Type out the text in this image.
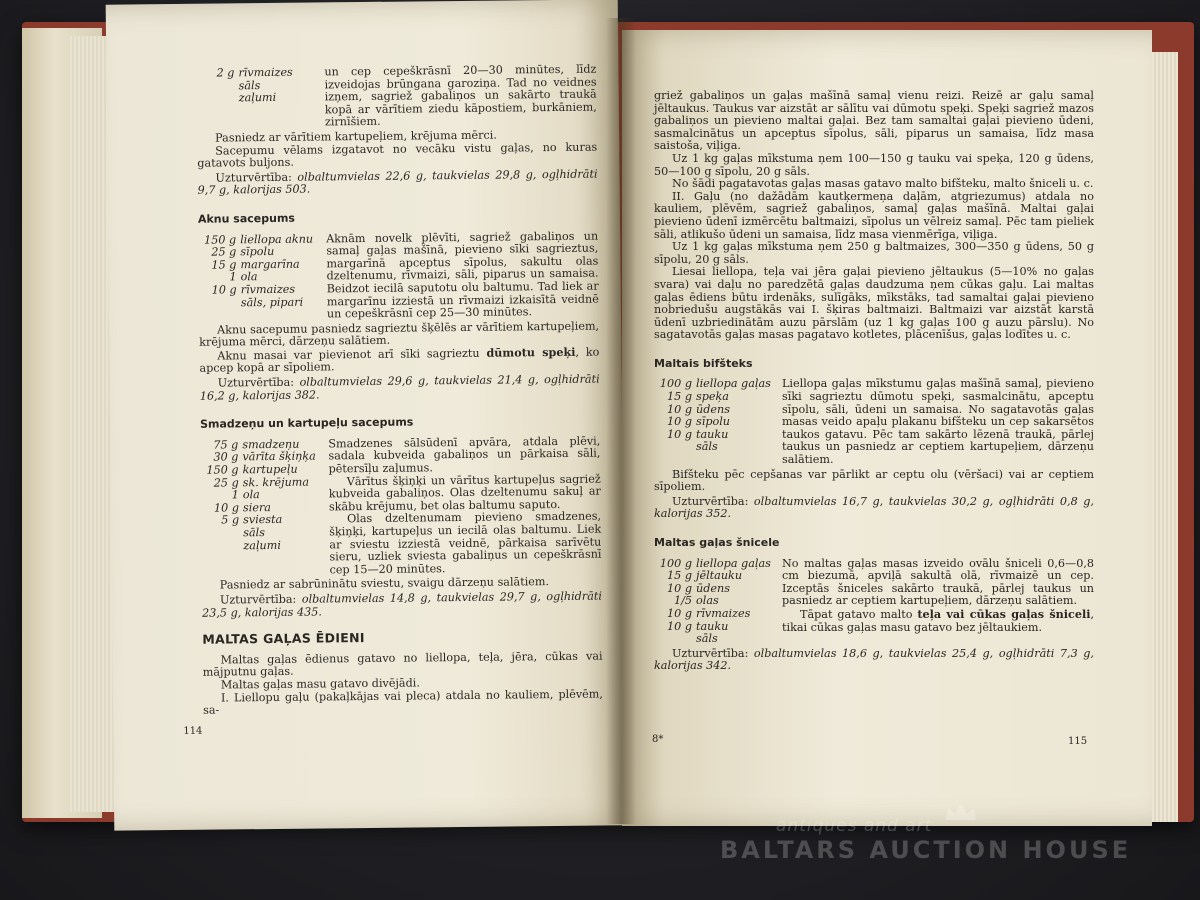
2 g rīvmaizes
sāls
zaļumi

un cep cepeškrāsnī 20—30 minūtes, līdz izveidojas brūngana garoziņa. Tad no veidnes izņem, sagriež gabaliņos un sakārto traukā kopā ar vārītiem ziedu kāpostiem, burkāniem, zirnīšiem.

Pasniedz ar vārītiem kartupeļiem, krējuma mērci.

Sacepumu vēlams izgatavot no vecāku vistu gaļas, no kuras gatavots buljons.

Uzturvērtība: olbaltumvielas 22,6 g, taukvielas 29,8 g, ogļhidrāti 9,7 g, kalorijas 503.

Aknu sacepums
150 g liellopa aknu
25 g sīpolu
15 g margarīna
1 ola
10 g rīvmaizes
sāls, pipari

Aknām novelk plēvīti, sagriež gabaliņos un samaļ gaļas mašīnā, pievieno sīki sagrieztus, margarīnā apceptus sīpolus, sakultu olas dzeltenumu, rīvmaizi, sāli, piparus un samaisa. Beidzot iecilā saputotu olu baltumu. Tad liek ar margarīnu izziestā un rīvmaizi izkaisītā veidnē un cepeškrāsnī cep 25—30 minūtes.

Aknu sacepumu pasniedz sagrieztu šķēlēs ar vārītiem kartupeļiem, krējuma mērci, dārzeņu salātiem.

Aknu masai var pievienot arī sīki sagrieztu dūmotu speķi, ko apcep kopā ar sīpoliem.

Uzturvērtība: olbaltumvielas 29,6 g, taukvielas 21,4 g, ogļhidrāti 16,2 g, kalorijas 382.

Smadzeņu un kartupeļu sacepums
75 g smadzeņu
30 g vārīta šķiņķa
150 g kartupeļu
25 g sk. krējuma
1 ola
10 g siera
5 g sviesta
sāls
zaļumi

Smadzenes sālsūdenī apvāra, atdala plēvi, sadala kubveida gabaliņos un pārkaisa sāli, pētersīļu zaļumus.

Vārītus šķiņķi un vārītus kartupeļus sagriež kubveida gabaliņos. Olas dzeltenumu sakuļ ar skābu krējumu, bet olas baltumu saputo.

Olas dzeltenumam pievieno smadzenes, šķiņķi, kartupeļus un iecilā olas baltumu. Liek ar sviestu izziestā veidnē, pārkaisa sarīvētu sieru, uzliek sviesta gabaliņus un cepeškrāsnī cep 15—20 minūtes.

Pasniedz ar sabrūninātu sviestu, svaigu dārzeņu salātiem.

Uzturvērtība: olbaltumvielas 14,8 g, taukvielas 29,7 g, ogļhidrāti 23,5 g, kalorijas 435.

MALTAS GAĻAS ĒDIENI

Maltas gaļas ēdienus gatavo no liellopa, teļa, jēra, cūkas vai mājputnu gaļas.

Maltas gaļas masu gatavo divējādi.

I. Liellopu gaļu (pakaļkājas vai pleca) atdala no kauliem, plēvēm, sa-

114

griež gabaliņos un gaļas mašīnā samaļ vienu reizi. Reizē ar gaļu samaļ jēltaukus. Taukus var aizstāt ar sālītu vai dūmotu speķi. Speķi sagriež mazos gabaliņos un pievieno maltai gaļai. Bez tam samaltai gaļai pievieno ūdeni, sasmalcinātus un apceptus sīpolus, sāli, piparus un samaisa, līdz masa saistoša, viļiga.

Uz 1 kg gaļas mīkstuma ņem 100—150 g tauku vai speķa, 120 g ūdens, 50—100 g sīpolu, 20 g sāls.

No šādi pagatavotas gaļas masas gatavo malto bifšteku, malto šniceli u. c.

II. Gaļu (no dažādām kautķermeņa daļām, atgriezumus) atdala no kauliem, plēvēm, sagriež gabaliņos, samaļ gaļas mašīnā. Maltai gaļai pievieno ūdenī izmērcētu baltmaizi, sīpolus un vēlreiz samaļ. Pēc tam pieliek sāli, atlikušo ūdeni un samaisa, līdz masa vienmērīga, viļiga.

Uz 1 kg gaļas mīkstuma ņem 250 g baltmaizes, 300—350 g ūdens, 50 g sīpolu, 20 g sāls.

Liesai liellopa, teļa vai jēra gaļai pievieno jēltaukus (5—10% no gaļas svara) vai daļu no paredzētā gaļas daudzuma ņem cūkas gaļu. Lai maltas gaļas ēdiens būtu irdenāks, sulīgāks, mīkstāks, tad samaltai gaļai pievieno nobriedušu augstākās vai I. šķiras baltmaizi. Baltmaizi var aizstāt karstā ūdenī uzbriedinātām auzu pārslām (uz 1 kg gaļas 100 g auzu pārslu). No sagatavotās gaļas masas pagatavo kotletes, plācenīšus, gaļas lodītes u. c.

Maltais bifšteks
100 g liellopa gaļas
15 g speķa
10 g ūdens
10 g sīpolu
10 g tauku
sāls

Liellopa gaļas mīkstumu gaļas mašīnā samaļ, pievieno sīki sagrieztu dūmotu speķi, sasmalcinātu, apceptu sīpolu, sāli, ūdeni un samaisa. No sagatavotās gaļas masas veido apaļu plakanu bifšteku un cep sakarsētos taukos gatavu. Pēc tam sakārto lēzenā traukā, pārlej taukus un pasniedz ar ceptiem kartupeļiem, dārzeņu salātiem.

Bifšteku pēc cepšanas var pārlikt ar ceptu olu (vēršaci) vai ar ceptiem sīpoliem.

Uzturvērtība: olbaltumvielas 16,7 g, taukvielas 30,2 g, ogļhidrāti 0,8 g, kalorijas 352.

Maltas gaļas šnicele
100 g liellopa gaļas
15 g jēltauku
10 g ūdens
1/5 olas
10 g rīvmaizes
10 g tauku
sāls

No maltas gaļas masas izveido ovālu šniceli 0,6—0,8 cm biezumā, apviļā sakultā olā, rīvmaizē un cep. Izceptās šniceles sakārto traukā, pārlej taukus un pasniedz ar ceptiem kartupeļiem, dārzeņu salātiem.

Tāpat gatavo malto teļa vai cūkas gaļas šniceli, tikai cūkas gaļas masu gatavo bez jēltaukiem.

Uzturvērtība: olbaltumvielas 18,6 g, taukvielas 25,4 g, ogļhidrāti 7,3 g, kalorijas 342.

8*	115
antiques and art
BALTARS AUCTION HOUSE
